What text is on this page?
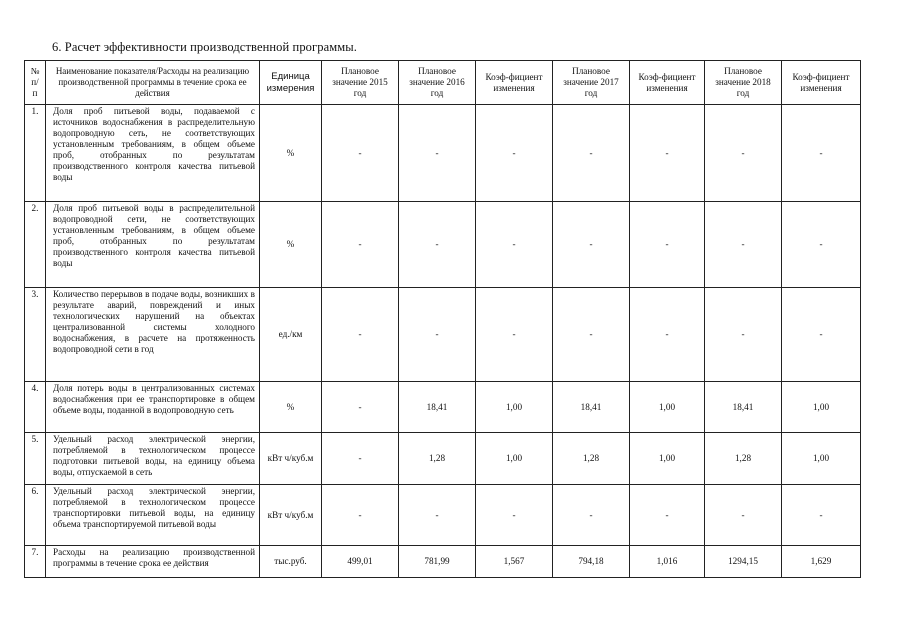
6. Расчет эффективности производственной программы.
№ п/ п	Наименование показателя/Расходы на реализацию производственной программы в течение срока ее действия	Единица измерения	Плановое значение 2015 год	Плановое значение 2016 год	Коэф-фициент изменения	Плановое значение 2017 год	Коэф-фициент изменения	Плановое значение 2018 год	Коэф-фициент изменения
1.	Доля проб питьевой воды, подаваемой с источников водоснабжения в распределительную водопроводную сеть, не соответствующих установленным требованиям, в общем объеме проб, отобранных по результатам производственного контроля качества питьевой воды	%	-	-	-	-	-	-	-
2.	Доля проб питьевой воды в распределительной водопроводной сети, не соответствующих установленным требованиям, в общем объеме проб, отобранных по результатам производственного контроля качества питьевой воды	%	-	-	-	-	-	-	-
3.	Количество перерывов в подаче воды, возникших в результате аварий, повреждений и иных технологических нарушений на объектах централизованной системы холодного водоснабжения, в расчете на протяженность водопроводной сети в год	ед./км	-	-	-	-	-	-	-
4.	Доля потерь воды в централизованных системах водоснабжения при ее транспортировке в общем объеме воды, поданной в водопроводную сеть	%	-	18,41	1,00	18,41	1,00	18,41	1,00
5.	Удельный расход электрической энергии, потребляемой в технологическом процессе подготовки питьевой воды, на единицу объема воды, отпускаемой в сеть	кВт ч/куб.м	-	1,28	1,00	1,28	1,00	1,28	1,00
6.	Удельный расход электрической энергии, потребляемой в технологическом процессе транспортировки питьевой воды, на единицу объема транспортируемой питьевой воды	кВт ч/куб.м	-	-	-	-	-	-	-
7.	Расходы на реализацию производственной программы в течение срока ее действия	тыс.руб.	499,01	781,99	1,567	794,18	1,016	1294,15	1,629
